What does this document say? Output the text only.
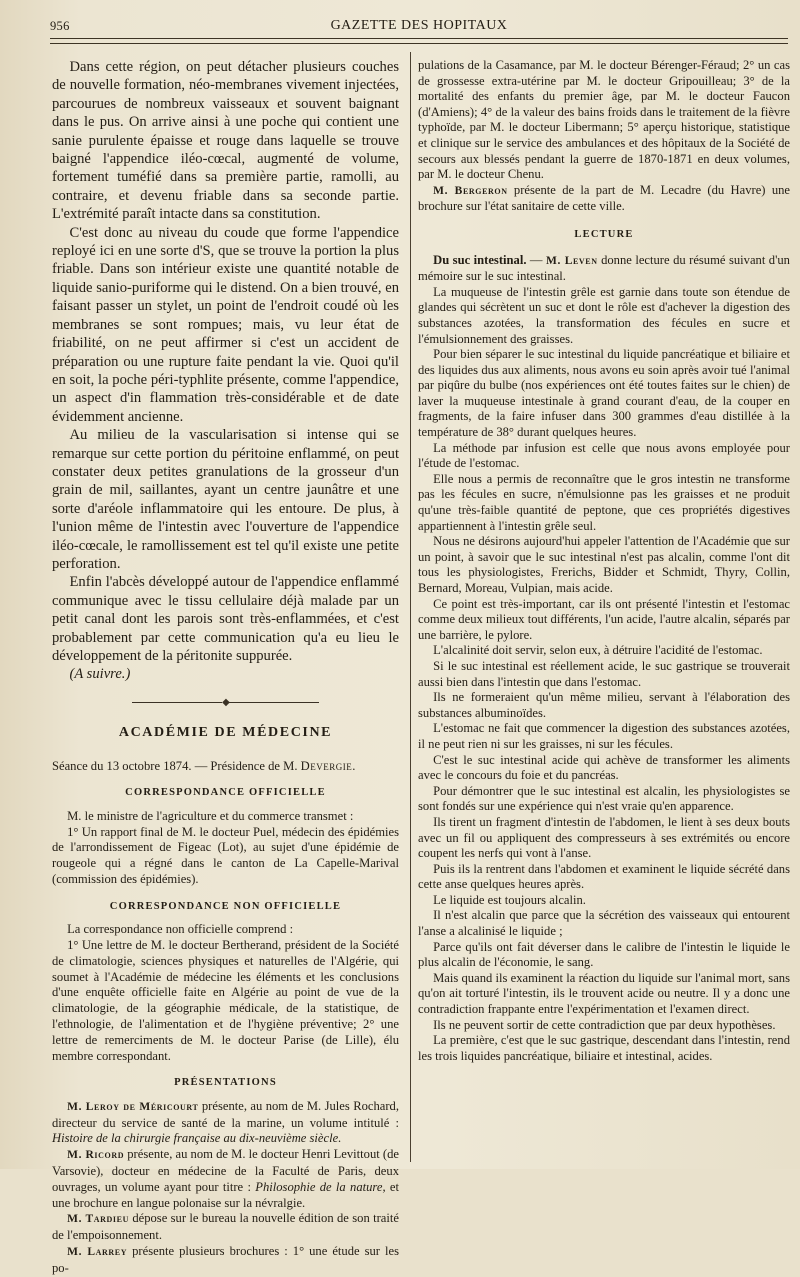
956	GAZETTE DES HOPITAUX

Dans cette région, on peut détacher plusieurs couches de nouvelle formation, néo-membranes vivement injectées, parcourues de nombreux vaisseaux et souvent baignant dans le pus. On arrive ainsi à une poche qui contient une sanie purulente épaisse et rouge dans laquelle se trouve baigné l'appendice iléo-cœcal, augmenté de volume, fortement tuméfié dans sa première partie, ramolli, au contraire, et devenu friable dans sa seconde partie. L'extrémité paraît intacte dans sa constitution.

C'est donc au niveau du coude que forme l'appendice reployé ici en une sorte d'S, que se trouve la portion la plus friable. Dans son intérieur existe une quantité notable de liquide sanio-puriforme qui le distend. On a bien trouvé, en faisant passer un stylet, un point de l'endroit coudé où les membranes se sont rompues; mais, vu leur état de friabilité, on ne peut affirmer si c'est un accident de préparation ou une rupture faite pendant la vie. Quoi qu'il en soit, la poche péri-typhlite présente, comme l'appendice, un aspect d'in flammation très-considérable et de date évidemment ancienne.

Au milieu de la vascularisation si intense qui se remarque sur cette portion du péritoine enflammé, on peut constater deux petites granulations de la grosseur d'un grain de mil, saillantes, ayant un centre jaunâtre et une sorte d'aréole inflammatoire qui les entoure. De plus, à l'union même de l'intestin avec l'ouverture de l'appendice iléo-cœcale, le ramollissement est tel qu'il existe une petite perforation.

Enfin l'abcès développé autour de l'appendice enflammé communique avec le tissu cellulaire déjà malade par un petit canal dont les parois sont très-enflammées, et c'est probablement par cette communication qu'a eu lieu le développement de la péritonite suppurée.

(A suivre.)

◆
ACADÉMIE DE MÉDECINE

Séance du 13 octobre 1874. — Présidence de M. Devergie.

CORRESPONDANCE OFFICIELLE

M. le ministre de l'agriculture et du commerce transmet :

1° Un rapport final de M. le docteur Puel, médecin des épidémies de l'arrondissement de Figeac (Lot), au sujet d'une épidémie de rougeole qui a régné dans le canton de La Capelle-Marival (commission des épidémies).

CORRESPONDANCE NON OFFICIELLE

La correspondance non officielle comprend :

1° Une lettre de M. le docteur Bertherand, président de la Société de climatologie, sciences physiques et naturelles de l'Algérie, qui soumet à l'Académie de médecine les éléments et les conclusions d'une enquête officielle faite en Algérie au point de vue de la climatologie, de la géographie médicale, de la statistique, de l'ethnologie, de l'alimentation et de l'hygiène préventive; 2° une lettre de remerciments de M. le docteur Parise (de Lille), élu membre correspondant.

PRÉSENTATIONS

M. Leroy de Méricourt présente, au nom de M. Jules Rochard, directeur du service de santé de la marine, un volume intitulé : Histoire de la chirurgie française au dix-neuvième siècle.

M. Ricord présente, au nom de M. le docteur Henri Levittout (de Varsovie), docteur en médecine de la Faculté de Paris, deux ouvrages, un volume ayant pour titre : Philosophie de la nature, et une brochure en langue polonaise sur la névralgie.

M. Tardieu dépose sur le bureau la nouvelle édition de son traité de l'empoisonnement.

M. Larrey présente plusieurs brochures : 1° une étude sur les po-

pulations de la Casamance, par M. le docteur Bérenger-Féraud; 2° un cas de grossesse extra-utérine par M. le docteur Gripouilleau; 3° de la mortalité des enfants du premier âge, par M. le docteur Faucon (d'Amiens); 4° de la valeur des bains froids dans le traitement de la fièvre typhoïde, par M. le docteur Libermann; 5° aperçu historique, statistique et clinique sur le service des ambulances et des hôpitaux de la Société de secours aux blessés pendant la guerre de 1870-1871 en deux volumes, par M. le docteur Chenu.

M. Bergeron présente de la part de M. Lecadre (du Havre) une brochure sur l'état sanitaire de cette ville.

LECTURE

Du suc intestinal. — M. Leven donne lecture du résumé suivant d'un mémoire sur le suc intestinal.

La muqueuse de l'intestin grêle est garnie dans toute son étendue de glandes qui sécrètent un suc et dont le rôle est d'achever la digestion des substances azotées, la transformation des fécules en sucre et l'émulsionnement des graisses.

Pour bien séparer le suc intestinal du liquide pancréatique et biliaire et des liquides dus aux aliments, nous avons eu soin après avoir tué l'animal par piqûre du bulbe (nos expériences ont été toutes faites sur le chien) de laver la muqueuse intestinale à grand courant d'eau, de la couper en fragments, de la faire infuser dans 300 grammes d'eau distillée à la température de 38° durant quelques heures.

La méthode par infusion est celle que nous avons employée pour l'étude de l'estomac.

Elle nous a permis de reconnaître que le gros intestin ne transforme pas les fécules en sucre, n'émulsionne pas les graisses et ne produit qu'une très-faible quantité de peptone, que ces propriétés digestives appartiennent à l'intestin grêle seul.

Nous ne désirons aujourd'hui appeler l'attention de l'Académie que sur un point, à savoir que le suc intestinal n'est pas alcalin, comme l'ont dit tous les physiologistes, Frerichs, Bidder et Schmidt, Thyry, Collin, Bernard, Moreau, Vulpian, mais acide.

Ce point est très-important, car ils ont présenté l'intestin et l'estomac comme deux milieux tout différents, l'un acide, l'autre alcalin, séparés par une barrière, le pylore.

L'alcalinité doit servir, selon eux, à détruire l'acidité de l'estomac.

Si le suc intestinal est réellement acide, le suc gastrique se trouverait aussi bien dans l'intestin que dans l'estomac.

Ils ne formeraient qu'un même milieu, servant à l'élaboration des substances albuminoïdes.

L'estomac ne fait que commencer la digestion des substances azotées, il ne peut rien ni sur les graisses, ni sur les fécules.

C'est le suc intestinal acide qui achève de transformer les aliments avec le concours du foie et du pancréas.

Pour démontrer que le suc intestinal est alcalin, les physiologistes se sont fondés sur une expérience qui n'est vraie qu'en apparence.

Ils tirent un fragment d'intestin de l'abdomen, le lient à ses deux bouts avec un fil ou appliquent des compresseurs à ses extrémités ou encore coupent les nerfs qui vont à l'anse.

Puis ils la rentrent dans l'abdomen et examinent le liquide sécrété dans cette anse quelques heures après.

Le liquide est toujours alcalin.

Il n'est alcalin que parce que la sécrétion des vaisseaux qui entourent l'anse a alcalinisé le liquide ;

Parce qu'ils ont fait déverser dans le calibre de l'intestin le liquide le plus alcalin de l'économie, le sang.

Mais quand ils examinent la réaction du liquide sur l'animal mort, sans qu'on ait torturé l'intestin, ils le trouvent acide ou neutre. Il y a donc une contradiction frappante entre l'expérimentation et l'examen direct.

Ils ne peuvent sortir de cette contradiction que par deux hypothèses.

La première, c'est que le suc gastrique, descendant dans l'intestin, rend les trois liquides pancréatique, biliaire et intestinal, acides.
